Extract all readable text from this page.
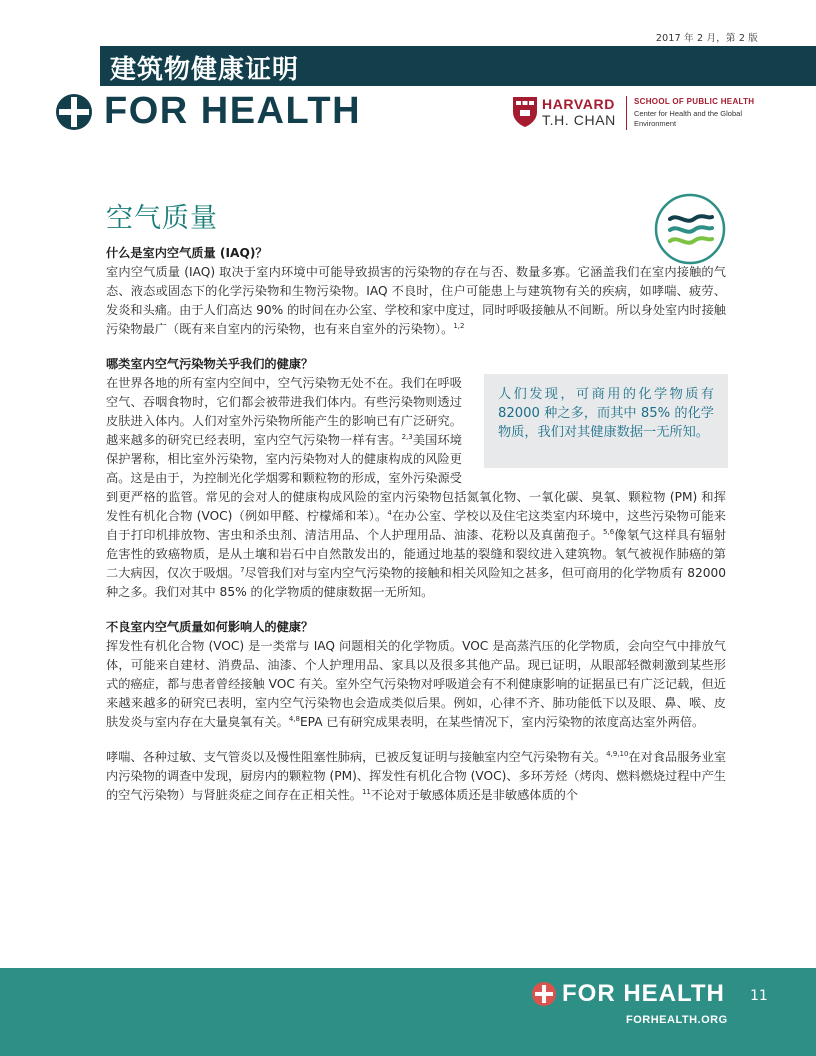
2017 年 2 月，第 2 版
建筑物健康证明
FOR HEALTH	HARVARD
T.H. CHAN
SCHOOL OF PUBLIC HEALTH
Center for Health and the Global Environment
空气质量
什么是室内空气质量 (IAQ)？
室内空气质量 (IAQ) 取决于室内环境中可能导致损害的污染物的存在与否、数量多寡。它涵盖我们在室内接触的气态、液态或固态下的化学污染物和生物污染物。IAQ 不良时，住户可能患上与建筑物有关的疾病，如哮喘、疲劳、发炎和头痛。由于人们高达 90% 的时间在办公室、学校和家中度过，同时呼吸接触从不间断。所以身处室内时接触污染物最广（既有来自室内的污染物，也有来自室外的污染物）。$^{1,2}$
哪类室内空气污染物关乎我们的健康？
人们发现，可商用的化学物质有 82000 种之多，而其中 85% 的化学物质，我们对其健康数据一无所知。
在世界各地的所有室内空间中，空气污染物无处不在。我们在呼吸空气、吞咽食物时，它们都会被带进我们体内。有些污染物则透过皮肤进入体内。人们对室外污染物所能产生的影响已有广泛研究。越来越多的研究已经表明，室内空气污染物一样有害。$^{2,3}$美国环境保护署称，相比室外污染物，室内污染物对人的健康构成的风险更高。这是由于，为控制光化学烟雾和颗粒物的形成，室外污染源受到更严格的监管。常见的会对人的健康构成风险的室内污染物包括氮氧化物、一氧化碳、臭氧、颗粒物 (PM) 和挥发性有机化合物 (VOC)（例如甲醛、柠檬烯和苯）。$^4$在办公室、学校以及住宅这类室内环境中，这些污染物可能来自于打印机排放物、害虫和杀虫剂、清洁用品、个人护理用品、油漆、花粉以及真菌孢子。$^{5,6}$像氡气这样具有辐射危害性的致癌物质，是从土壤和岩石中自然散发出的，能通过地基的裂缝和裂纹进入建筑物。氡气被视作肺癌的第二大病因，仅次于吸烟。$^7$尽管我们对与室内空气污染物的接触和相关风险知之甚多，但可商用的化学物质有 82000 种之多。我们对其中 85% 的化学物质的健康数据一无所知。
不良室内空气质量如何影响人的健康？
挥发性有机化合物 (VOC) 是一类常与 IAQ 问题相关的化学物质。VOC 是高蒸汽压的化学物质，会向空气中排放气体，可能来自建材、消费品、油漆、个人护理用品、家具以及很多其他产品。现已证明，从眼部轻微刺激到某些形式的癌症，都与患者曾经接触 VOC 有关。室外空气污染物对呼吸道会有不利健康影响的证据虽已有广泛记载，但近来越来越多的研究已表明，室内空气污染物也会造成类似后果。例如，心律不齐、肺功能低下以及眼、鼻、喉、皮肤发炎与室内存在大量臭氧有关。$^{4,8}$EPA 已有研究成果表明，在某些情况下，室内污染物的浓度高达室外两倍。
哮喘、各种过敏、支气管炎以及慢性阻塞性肺病，已被反复证明与接触室内空气污染物有关。$^{4,9,10}$在对食品服务业室内污染物的调查中发现，厨房内的颗粒物 (PM)、挥发性有机化合物 (VOC)、多环芳烃（烤肉、燃料燃烧过程中产生的空气污染物）与肾脏炎症之间存在正相关性。$^{11}$不论对于敏感体质还是非敏感体质的个
FOR HEALTH 11
FORHEALTH.ORG
